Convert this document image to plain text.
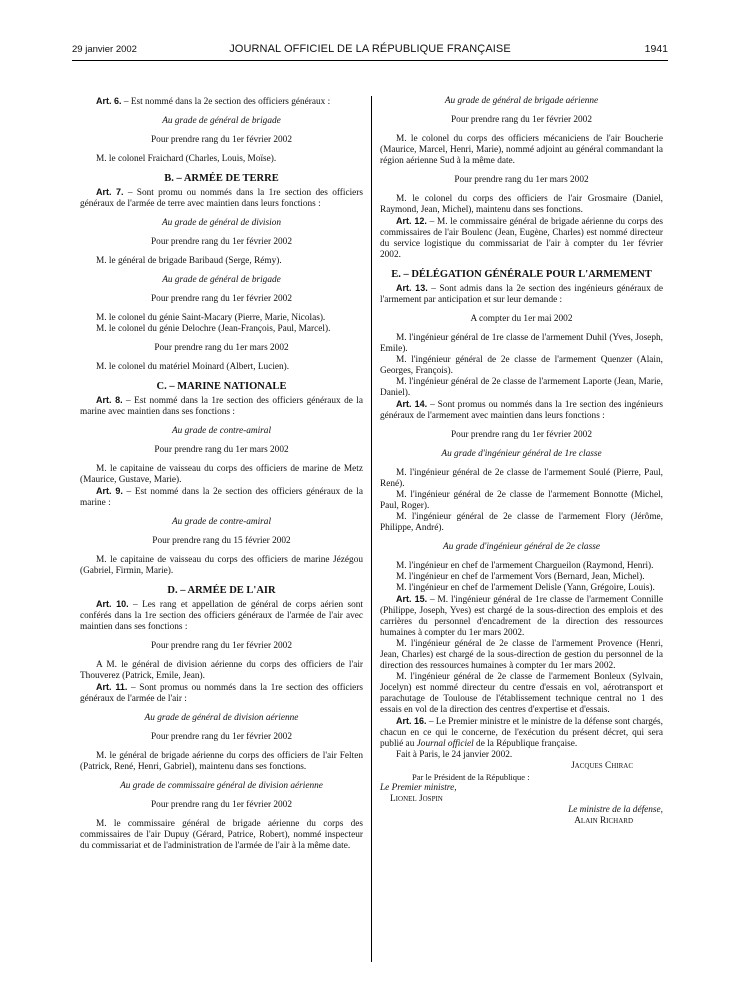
29 janvier 2002	JOURNAL OFFICIEL DE LA RÉPUBLIQUE FRANÇAISE	1941

Art. 6. – Est nommé dans la 2e section des officiers généraux :

Au grade de général de brigade

Pour prendre rang du 1er février 2002

M. le colonel Fraichard (Charles, Louis, Moïse).

B. – ARMÉE DE TERRE

Art. 7. – Sont promu ou nommés dans la 1re section des officiers généraux de l'armée de terre avec maintien dans leurs fonctions :

Au grade de général de division

Pour prendre rang du 1er février 2002

M. le général de brigade Baribaud (Serge, Rémy).

Au grade de général de brigade

Pour prendre rang du 1er février 2002

M. le colonel du génie Saint-Macary (Pierre, Marie, Nicolas).

M. le colonel du génie Delochre (Jean-François, Paul, Marcel).

Pour prendre rang du 1er mars 2002

M. le colonel du matériel Moinard (Albert, Lucien).

C. – MARINE NATIONALE

Art. 8. – Est nommé dans la 1re section des officiers généraux de la marine avec maintien dans ses fonctions :

Au grade de contre-amiral

Pour prendre rang du 1er mars 2002

M. le capitaine de vaisseau du corps des officiers de marine de Metz (Maurice, Gustave, Marie).

Art. 9. – Est nommé dans la 2e section des officiers généraux de la marine :

Au grade de contre-amiral

Pour prendre rang du 15 février 2002

M. le capitaine de vaisseau du corps des officiers de marine Jézégou (Gabriel, Firmin, Marie).

D. – ARMÉE DE L'AIR

Art. 10. – Les rang et appellation de général de corps aérien sont conférés dans la 1re section des officiers généraux de l'armée de l'air avec maintien dans ses fonctions :

Pour prendre rang du 1er février 2002

A M. le général de division aérienne du corps des officiers de l'air Thouverez (Patrick, Emile, Jean).

Art. 11. – Sont promus ou nommés dans la 1re section des officiers généraux de l'armée de l'air :

Au grade de général de division aérienne

Pour prendre rang du 1er février 2002

M. le général de brigade aérienne du corps des officiers de l'air Felten (Patrick, René, Henri, Gabriel), maintenu dans ses fonctions.

Au grade de commissaire général de division aérienne

Pour prendre rang du 1er février 2002

M. le commissaire général de brigade aérienne du corps des commissaires de l'air Dupuy (Gérard, Patrice, Robert), nommé inspecteur du commissariat et de l'administration de l'armée de l'air à la même date.

Au grade de général de brigade aérienne

Pour prendre rang du 1er février 2002

M. le colonel du corps des officiers mécaniciens de l'air Boucherie (Maurice, Marcel, Henri, Marie), nommé adjoint au général commandant la région aérienne Sud à la même date.

Pour prendre rang du 1er mars 2002

M. le colonel du corps des officiers de l'air Grosmaire (Daniel, Raymond, Jean, Michel), maintenu dans ses fonctions.

Art. 12. – M. le commissaire général de brigade aérienne du corps des commissaires de l'air Boulenc (Jean, Eugène, Charles) est nommé directeur du service logistique du commissariat de l'air à compter du 1er février 2002.

E. – DÉLÉGATION GÉNÉRALE POUR L'ARMEMENT

Art. 13. – Sont admis dans la 2e section des ingénieurs généraux de l'armement par anticipation et sur leur demande :

A compter du 1er mai 2002

M. l'ingénieur général de 1re classe de l'armement Duhil (Yves, Joseph, Emile).

M. l'ingénieur général de 2e classe de l'armement Quenzer (Alain, Georges, François).

M. l'ingénieur général de 2e classe de l'armement Laporte (Jean, Marie, Daniel).

Art. 14. – Sont promus ou nommés dans la 1re section des ingénieurs généraux de l'armement avec maintien dans leurs fonctions :

Pour prendre rang du 1er février 2002

Au grade d'ingénieur général de 1re classe

M. l'ingénieur général de 2e classe de l'armement Soulé (Pierre, Paul, René).

M. l'ingénieur général de 2e classe de l'armement Bonnotte (Michel, Paul, Roger).

M. l'ingénieur général de 2e classe de l'armement Flory (Jérôme, Philippe, André).

Au grade d'ingénieur général de 2e classe

M. l'ingénieur en chef de l'armement Chargueilon (Raymond, Henri).

M. l'ingénieur en chef de l'armement Vors (Bernard, Jean, Michel).

M. l'ingénieur en chef de l'armement Delisle (Yann, Grégoire, Louis).

Art. 15. – M. l'ingénieur général de 1re classe de l'armement Connille (Philippe, Joseph, Yves) est chargé de la sous-direction des emplois et des carrières du personnel d'encadrement de la direction des ressources humaines à compter du 1er mars 2002.

M. l'ingénieur général de 2e classe de l'armement Provence (Henri, Jean, Charles) est chargé de la sous-direction de gestion du personnel de la direction des ressources humaines à compter du 1er mars 2002.

M. l'ingénieur général de 2e classe de l'armement Bonleux (Sylvain, Jocelyn) est nommé directeur du centre d'essais en vol, aérotransport et parachutage de Toulouse de l'établissement technique central no 1 des essais en vol de la direction des centres d'expertise et d'essais.

Art. 16. – Le Premier ministre et le ministre de la défense sont chargés, chacun en ce qui le concerne, de l'exécution du présent décret, qui sera publié au Journal officiel de la République française.

Fait à Paris, le 24 janvier 2002.

Jacques Chirac

Par le Président de la République :

Le Premier ministre,

Lionel Jospin

Le ministre de la défense,

Alain Richard
